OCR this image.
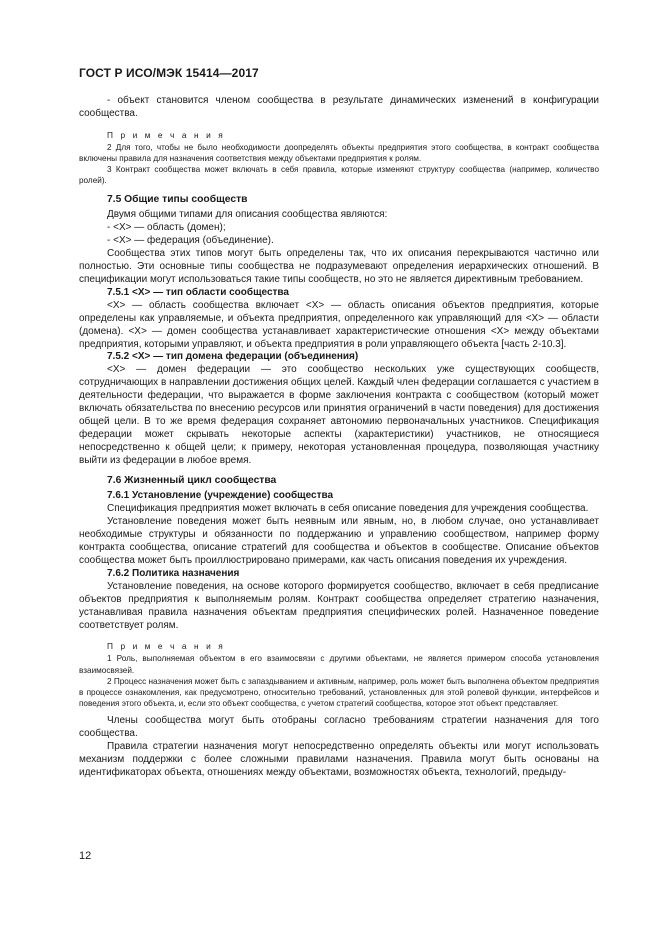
ГОСТ Р ИСО/МЭК 15414—2017

- объект становится членом сообщества в результате динамических изменений в конфигурации сообщества.

П р и м е ч а н и я

2 Для того, чтобы не было необходимости доопределять объекты предприятия этого сообщества, в контракт сообщества включены правила для назначения соответствия между объектами предприятия к ролям.

3 Контракт сообщества может включать в себя правила, которые изменяют структуру сообщества (например, количество ролей).

7.5 Общие типы сообществ

Двумя общими типами для описания сообщества являются:

- <X> — область (домен);

- <X> — федерация (объединение).

Сообщества этих типов могут быть определены так, что их описания перекрываются частично или полностью. Эти основные типы сообщества не подразумевают определения иерархических отношений. В спецификации могут использоваться такие типы сообществ, но это не является директивным требованием.

7.5.1 <X> — тип области сообщества

<X> — область сообщества включает <X> — область описания объектов предприятия, которые определены как управляемые, и объекта предприятия, определенного как управляющий для <X> — области (домена). <X> — домен сообщества устанавливает характеристические отношения <X> между объектами предприятия, которыми управляют, и объекта предприятия в роли управляющего объекта [часть 2-10.3].

7.5.2 <X> — тип домена федерации (объединения)

<X> — домен федерации — это сообщество нескольких уже существующих сообществ, сотрудничающих в направлении достижения общих целей. Каждый член федерации соглашается с участием в деятельности федерации, что выражается в форме заключения контракта с сообществом (который может включать обязательства по внесению ресурсов или принятия ограничений в части поведения) для достижения общей цели. В то же время федерация сохраняет автономию первоначальных участников. Спецификация федерации может скрывать некоторые аспекты (характеристики) участников, не относящиеся непосредственно к общей цели; к примеру, некоторая установленная процедура, позволяющая участнику выйти из федерации в любое время.

7.6 Жизненный цикл сообщества

7.6.1 Установление (учреждение) сообщества

Спецификация предприятия может включать в себя описание поведения для учреждения сообщества.

Установление поведения может быть неявным или явным, но, в любом случае, оно устанавливает необходимые структуры и обязанности по поддержанию и управлению сообществом, например форму контракта сообщества, описание стратегий для сообщества и объектов в сообществе. Описание объектов сообщества может быть проиллюстрировано примерами, как часть описания поведения их учреждения.

7.6.2 Политика назначения

Установление поведения, на основе которого формируется сообщество, включает в себя предписание объектов предприятия к выполняемым ролям. Контракт сообщества определяет стратегию назначения, устанавливая правила назначения объектам предприятия специфических ролей. Назначенное поведение соответствует ролям.

П р и м е ч а н и я

1 Роль, выполняемая объектом в его взаимосвязи с другими объектами, не является примером способа установления взаимосвязей.

2 Процесс назначения может быть с запаздыванием и активным, например, роль может быть выполнена объектом предприятия в процессе ознакомления, как предусмотрено, относительно требований, установленных для этой ролевой функции, интерфейсов и поведения этого объекта, и, если это объект сообщества, с учетом стратегий сообщества, которое этот объект представляет.

Члены сообщества могут быть отобраны согласно требованиям стратегии назначения для того сообщества.

Правила стратегии назначения могут непосредственно определять объекты или могут использовать механизм поддержки с более сложными правилами назначения. Правила могут быть основаны на идентификаторах объекта, отношениях между объектами, возможностях объекта, технологий, предыду-

12
